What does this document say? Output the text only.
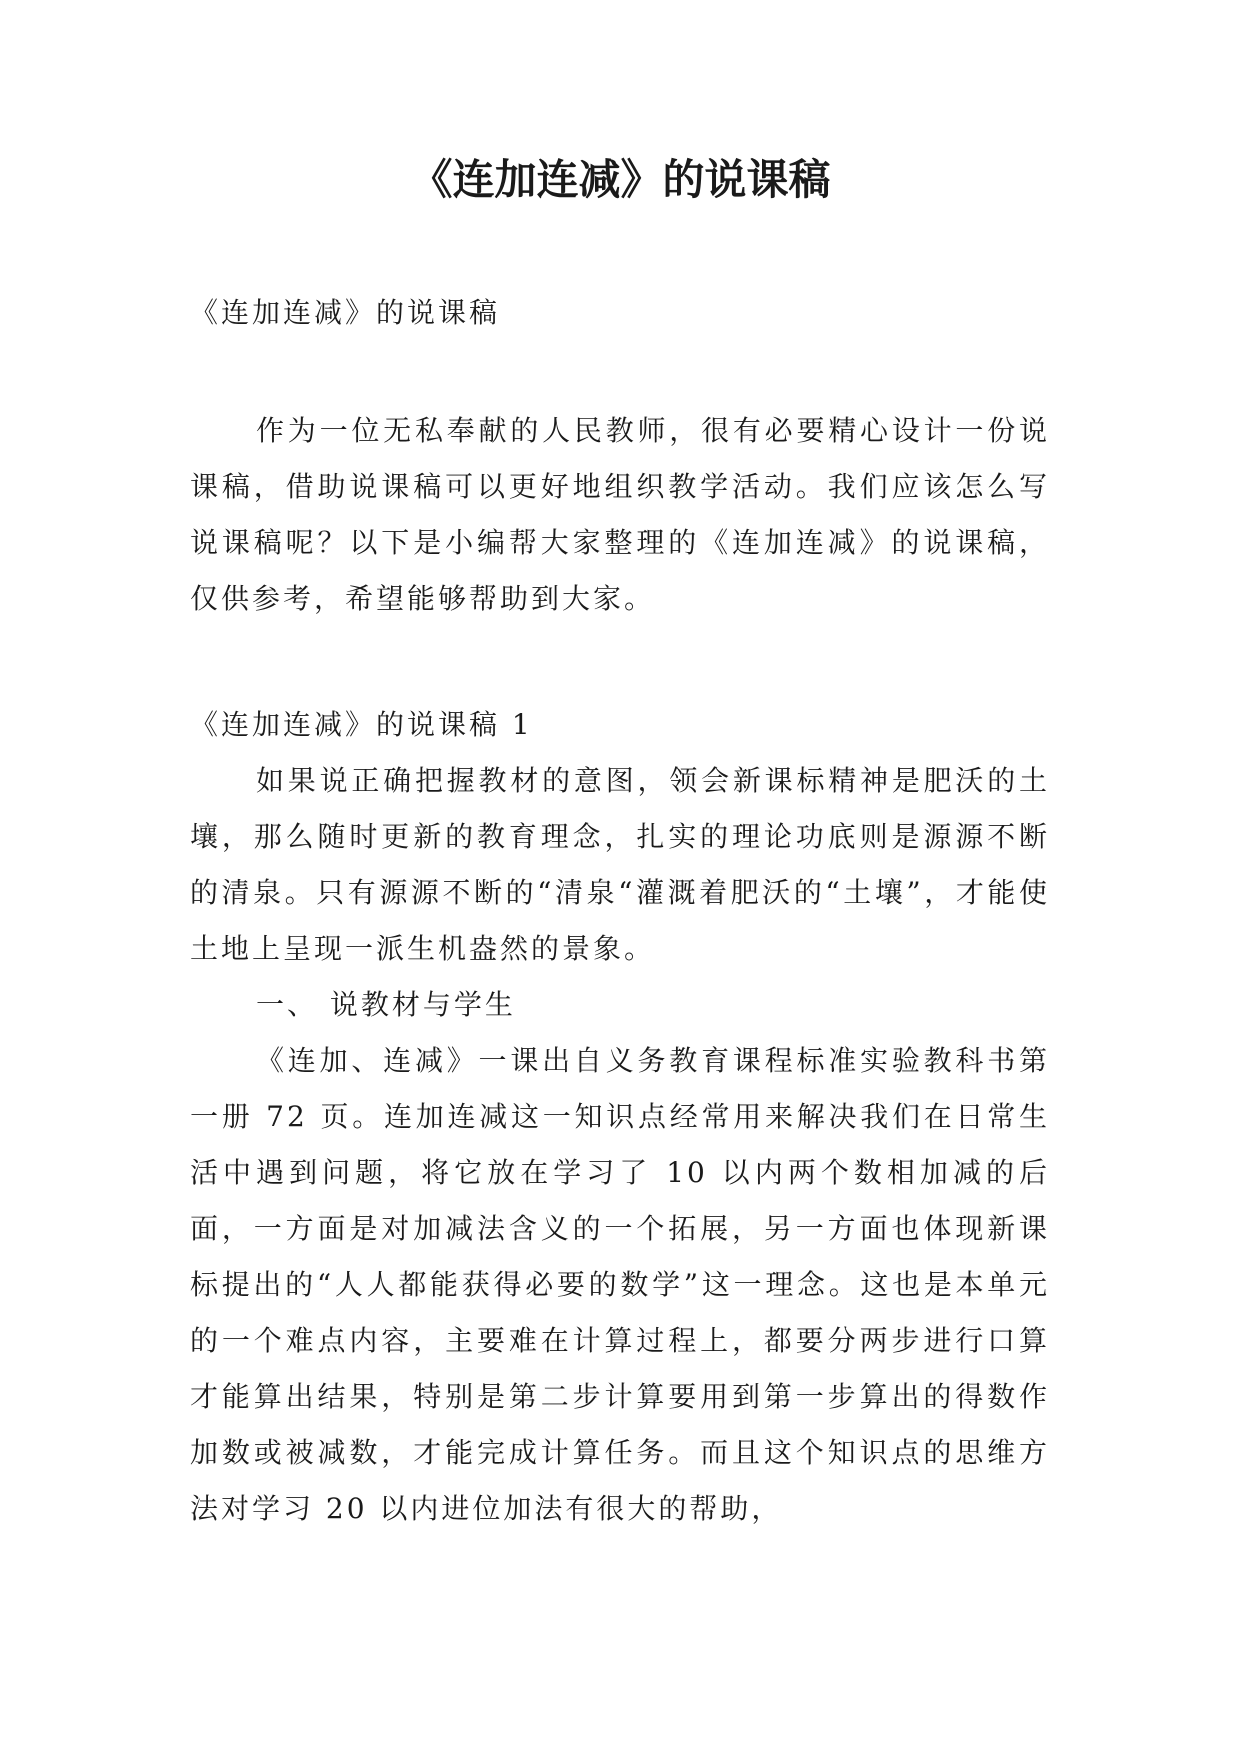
《连加连减》的说课稿

《连加连减》的说课稿

作为一位无私奉献的人民教师，很有必要精心设计一份说课稿，借助说课稿可以更好地组织教学活动。我们应该怎么写说课稿呢？以下是小编帮大家整理的《连加连减》的说课稿，仅供参考，希望能够帮助到大家。

《连加连减》的说课稿 1

如果说正确把握教材的意图，领会新课标精神是肥沃的土壤，那么随时更新的教育理念，扎实的理论功底则是源源不断的清泉。只有源源不断的“清泉“灌溉着肥沃的“土壤”，才能使土地上呈现一派生机盎然的景象。

一、 说教材与学生

《连加、连减》一课出自义务教育课程标准实验教科书第一册 72 页。连加连减这一知识点经常用来解决我们在日常生活中遇到问题，将它放在学习了 10 以内两个数相加减的后面，一方面是对加减法含义的一个拓展，另一方面也体现新课标提出的“人人都能获得必要的数学”这一理念。这也是本单元的一个难点内容，主要难在计算过程上，都要分两步进行口算才能算出结果，特别是第二步计算要用到第一步算出的得数作加数或被减数，才能完成计算任务。而且这个知识点的思维方法对学习 20 以内进位加法有很大的帮助，
